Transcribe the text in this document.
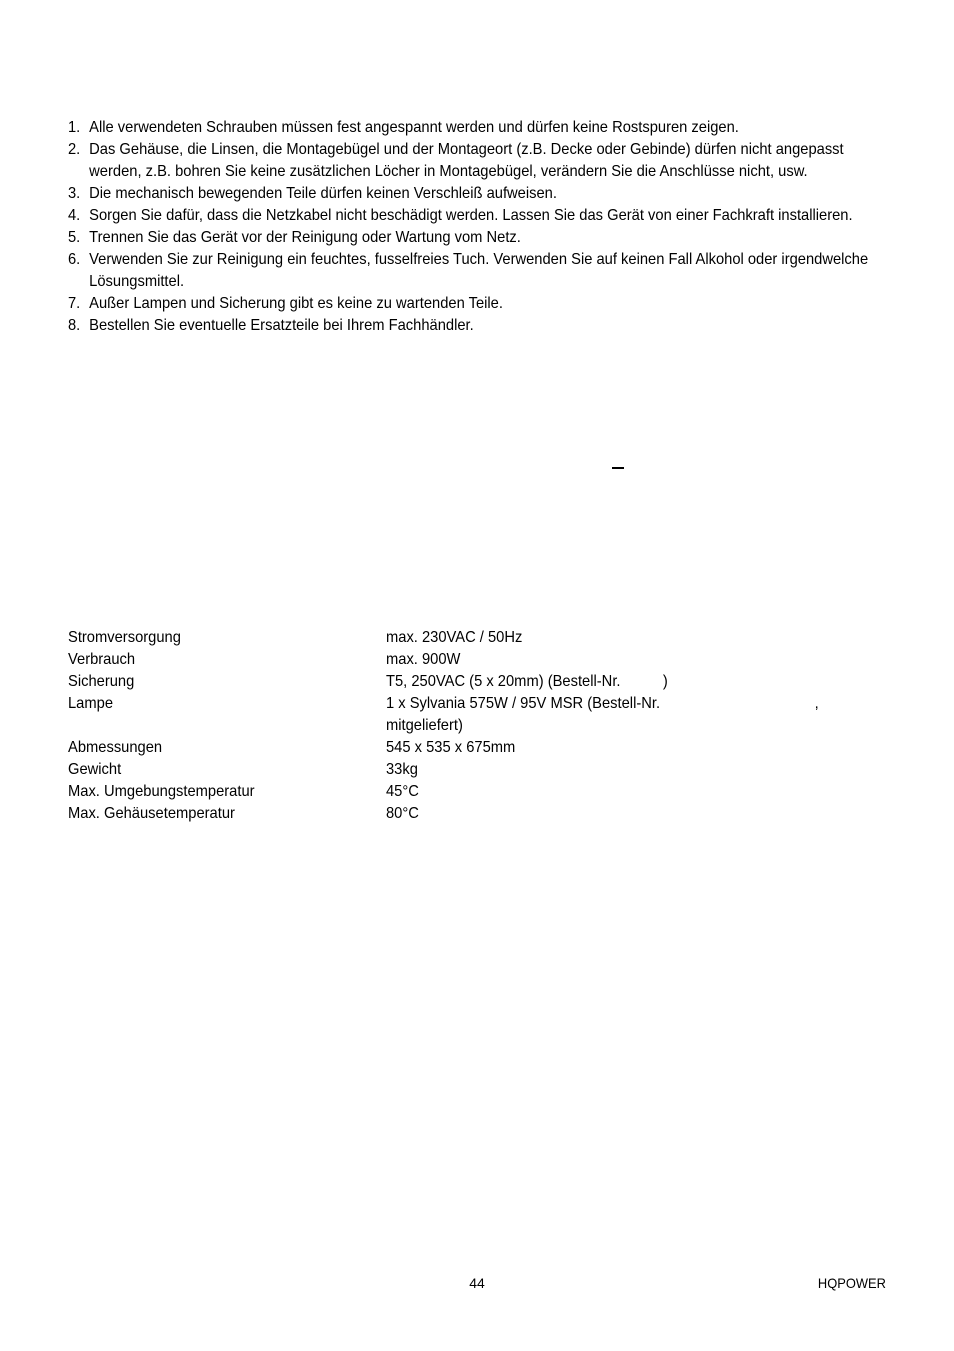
1. Alle verwendeten Schrauben müssen fest angespannt werden und dürfen keine Rostspuren zeigen.
2. Das Gehäuse, die Linsen, die Montagebügel und der Montageort (z.B. Decke oder Gebinde) dürfen nicht angepasst werden, z.B. bohren Sie keine zusätzlichen Löcher in Montagebügel, verändern Sie die Anschlüsse nicht, usw.
3. Die mechanisch bewegenden Teile dürfen keinen Verschleiß aufweisen.
4. Sorgen Sie dafür, dass die Netzkabel nicht beschädigt werden. Lassen Sie das Gerät von einer Fachkraft installieren.
5. Trennen Sie das Gerät vor der Reinigung oder Wartung vom Netz.
6. Verwenden Sie zur Reinigung ein feuchtes, fusselfreies Tuch. Verwenden Sie auf keinen Fall Alkohol oder irgendwelche Lösungsmittel.
7. Außer Lampen und Sicherung gibt es keine zu wartenden Teile.
8. Bestellen Sie eventuelle Ersatzteile bei Ihrem Fachhändler.
Stromversorgung	max. 230VAC / 50Hz
Verbrauch	max. 900W
Sicherung	T5, 250VAC (5 x 20mm) (Bestell-Nr.	)
Lampe	1 x Sylvania 575W / 95V MSR (Bestell-Nr.	,
mitgeliefert)
Abmessungen	545 x 535 x 675mm
Gewicht	33kg
Max. Umgebungstemperatur	45°C
Max. Gehäusetemperatur	80°C
44	HQPOWER
